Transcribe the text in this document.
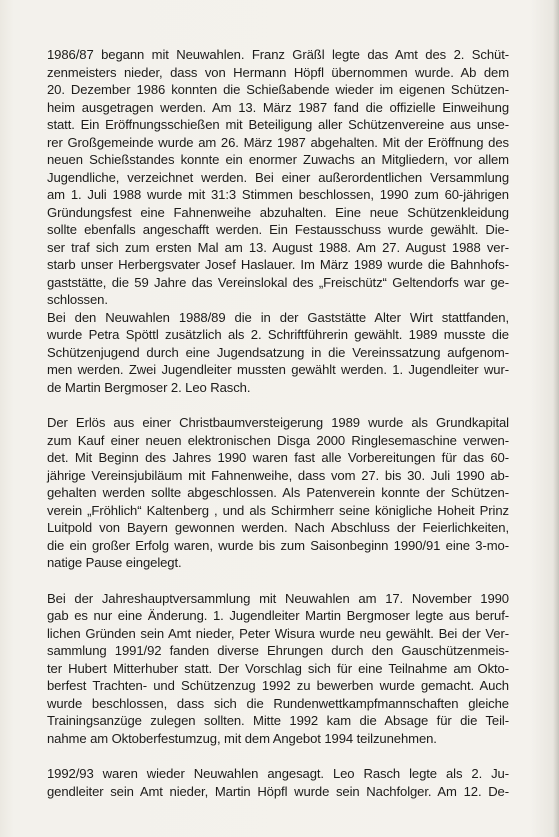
1986/87 begann mit Neuwahlen. Franz Gräßl legte das Amt des 2. Schüt-
zenmeisters nieder, dass von Hermann Höpfl übernommen wurde. Ab dem
20. Dezember 1986 konnten die Schießabende wieder im eigenen Schützen-
heim ausgetragen werden. Am 13. März 1987 fand die offizielle Einweihung
statt. Ein Eröffnungsschießen mit Beteiligung aller Schützenvereine aus unse-
rer Großgemeinde wurde am 26. März 1987 abgehalten. Mit der Eröffnung des
neuen Schießstandes konnte ein enormer Zuwachs an Mitgliedern, vor allem
Jugendliche, verzeichnet werden. Bei einer außerordentlichen Versammlung
am 1. Juli 1988 wurde mit 31:3 Stimmen beschlossen, 1990 zum 60-jährigen
Gründungsfest eine Fahnenweihe abzuhalten. Eine neue Schützenkleidung
sollte ebenfalls angeschafft werden. Ein Festausschuss wurde gewählt. Die-
ser traf sich zum ersten Mal am 13. August 1988. Am 27. August 1988 ver-
starb unser Herbergsvater Josef Haslauer. Im März 1989 wurde die Bahnhofs-
gaststätte, die 59 Jahre das Vereinslokal des „Freischütz“ Geltendorfs war ge-
schlossen.
Bei den Neuwahlen 1988/89 die in der Gaststätte Alter Wirt stattfanden,
wurde Petra Spöttl zusätzlich als 2. Schriftführerin gewählt. 1989 musste die
Schützenjugend durch eine Jugendsatzung in die Vereinssatzung aufgenom-
men werden. Zwei Jugendleiter mussten gewählt werden. 1. Jugendleiter wur-
de Martin Bergmoser 2. Leo Rasch.
Der Erlös aus einer Christbaumversteigerung 1989 wurde als Grundkapital
zum Kauf einer neuen elektronischen Disga 2000 Ringlesemaschine verwen-
det. Mit Beginn des Jahres 1990 waren fast alle Vorbereitungen für das 60-
jährige Vereinsjubiläum mit Fahnenweihe, dass vom 27. bis 30. Juli 1990 ab-
gehalten werden sollte abgeschlossen. Als Patenverein konnte der Schützen-
verein „Fröhlich“ Kaltenberg , und als Schirmherr seine königliche Hoheit Prinz
Luitpold von Bayern gewonnen werden. Nach Abschluss der Feierlichkeiten,
die ein großer Erfolg waren, wurde bis zum Saisonbeginn 1990/91 eine 3-mo-
natige Pause eingelegt.
Bei der Jahreshauptversammlung mit Neuwahlen am 17. November 1990
gab es nur eine Änderung. 1. Jugendleiter Martin Bergmoser legte aus beruf-
lichen Gründen sein Amt nieder, Peter Wisura wurde neu gewählt. Bei der Ver-
sammlung 1991/92 fanden diverse Ehrungen durch den Gauschützenmeis-
ter Hubert Mitterhuber statt. Der Vorschlag sich für eine Teilnahme am Okto-
berfest Trachten- und Schützenzug 1992 zu bewerben wurde gemacht. Auch
wurde beschlossen, dass sich die Rundenwettkampfmannschaften gleiche
Trainingsanzüge zulegen sollten. Mitte 1992 kam die Absage für die Teil-
nahme am Oktoberfestumzug, mit dem Angebot 1994 teilzunehmen.
1992/93 waren wieder Neuwahlen angesagt. Leo Rasch legte als 2. Ju-
gendleiter sein Amt nieder, Martin Höpfl wurde sein Nachfolger. Am 12. De-
